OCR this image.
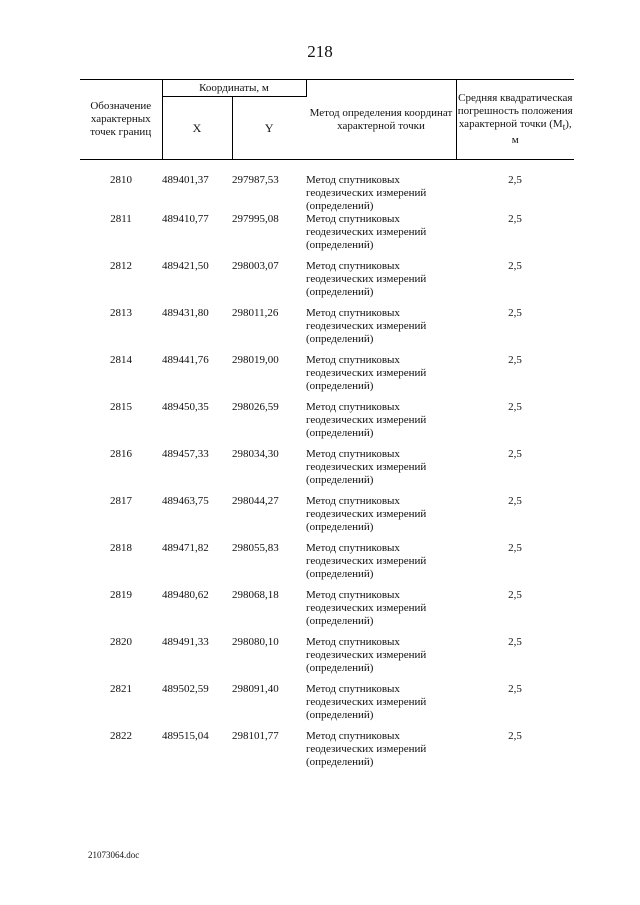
218
Обозначение характерных точек границ	Координаты, м		Метод определения координат характерной точки	Средняя квадратическая погрешность положения характерной точки $(M_t)$, м
	X	Y		
2810	489401,37	297987,53	Метод спутниковых геодезических измерений (определений)	2,5
2811	489410,77	297995,08	Метод спутниковых геодезических измерений (определений)	2,5
2812	489421,50	298003,07	Метод спутниковых геодезических измерений (определений)	2,5
2813	489431,80	298011,26	Метод спутниковых геодезических измерений (определений)	2,5
2814	489441,76	298019,00	Метод спутниковых геодезических измерений (определений)	2,5
2815	489450,35	298026,59	Метод спутниковых геодезических измерений (определений)	2,5
2816	489457,33	298034,30	Метод спутниковых геодезических измерений (определений)	2,5
2817	489463,75	298044,27	Метод спутниковых геодезических измерений (определений)	2,5
2818	489471,82	298055,83	Метод спутниковых геодезических измерений (определений)	2,5
2819	489480,62	298068,18	Метод спутниковых геодезических измерений (определений)	2,5
2820	489491,33	298080,10	Метод спутниковых геодезических измерений (определений)	2,5
2821	489502,59	298091,40	Метод спутниковых геодезических измерений (определений)	2,5
2822	489515,04	298101,77	Метод спутниковых геодезических измерений (определений)	2,5
21073064.doc
